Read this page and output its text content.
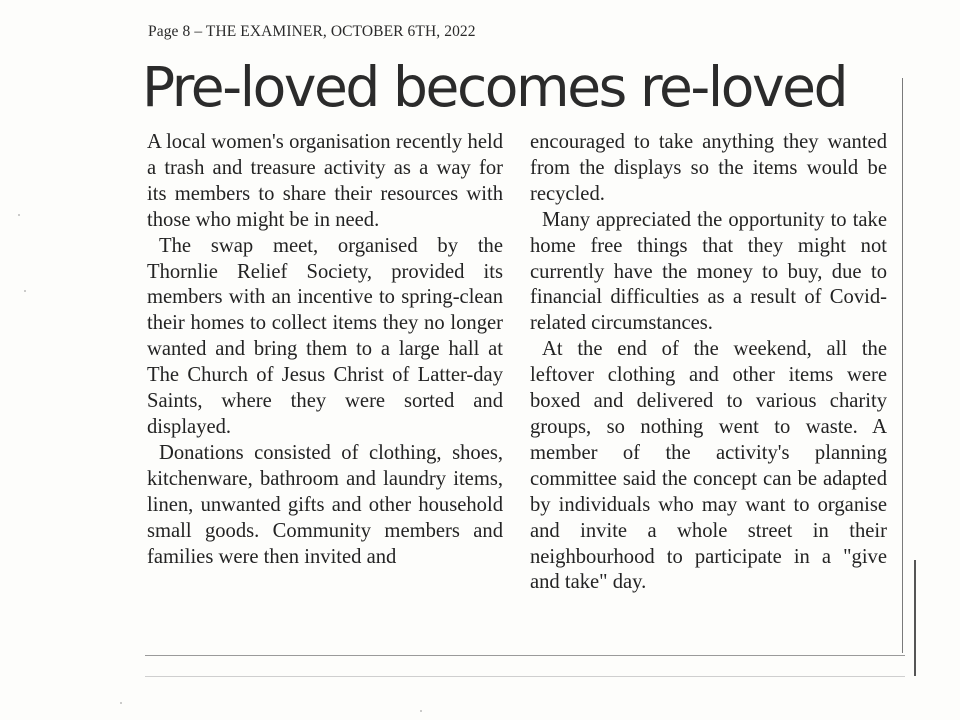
Page 8 – THE EXAMINER, OCTOBER 6TH, 2022
Pre-loved becomes re-loved

A local women's organisation recently held a trash and treasure activity as a way for its members to share their resources with those who might be in need.

The swap meet, organised by the Thornlie Relief Society, provided its members with an incentive to spring-clean their homes to collect items they no longer wanted and bring them to a large hall at The Church of Jesus Christ of Latter-day Saints, where they were sorted and displayed.

Donations consisted of clothing, shoes, kitchenware, bathroom and laundry items, linen, unwanted gifts and other household small goods. Community members and families were then invited and

encouraged to take anything they wanted from the displays so the items would be recycled.

Many appreciated the opportunity to take home free things that they might not currently have the money to buy, due to financial difficulties as a result of Covid-related circumstances.

At the end of the weekend, all the leftover clothing and other items were boxed and delivered to various charity groups, so nothing went to waste. A member of the activity's planning committee said the concept can be adapted by individuals who may want to organise and invite a whole street in their neighbourhood to participate in a "give and take" day.
